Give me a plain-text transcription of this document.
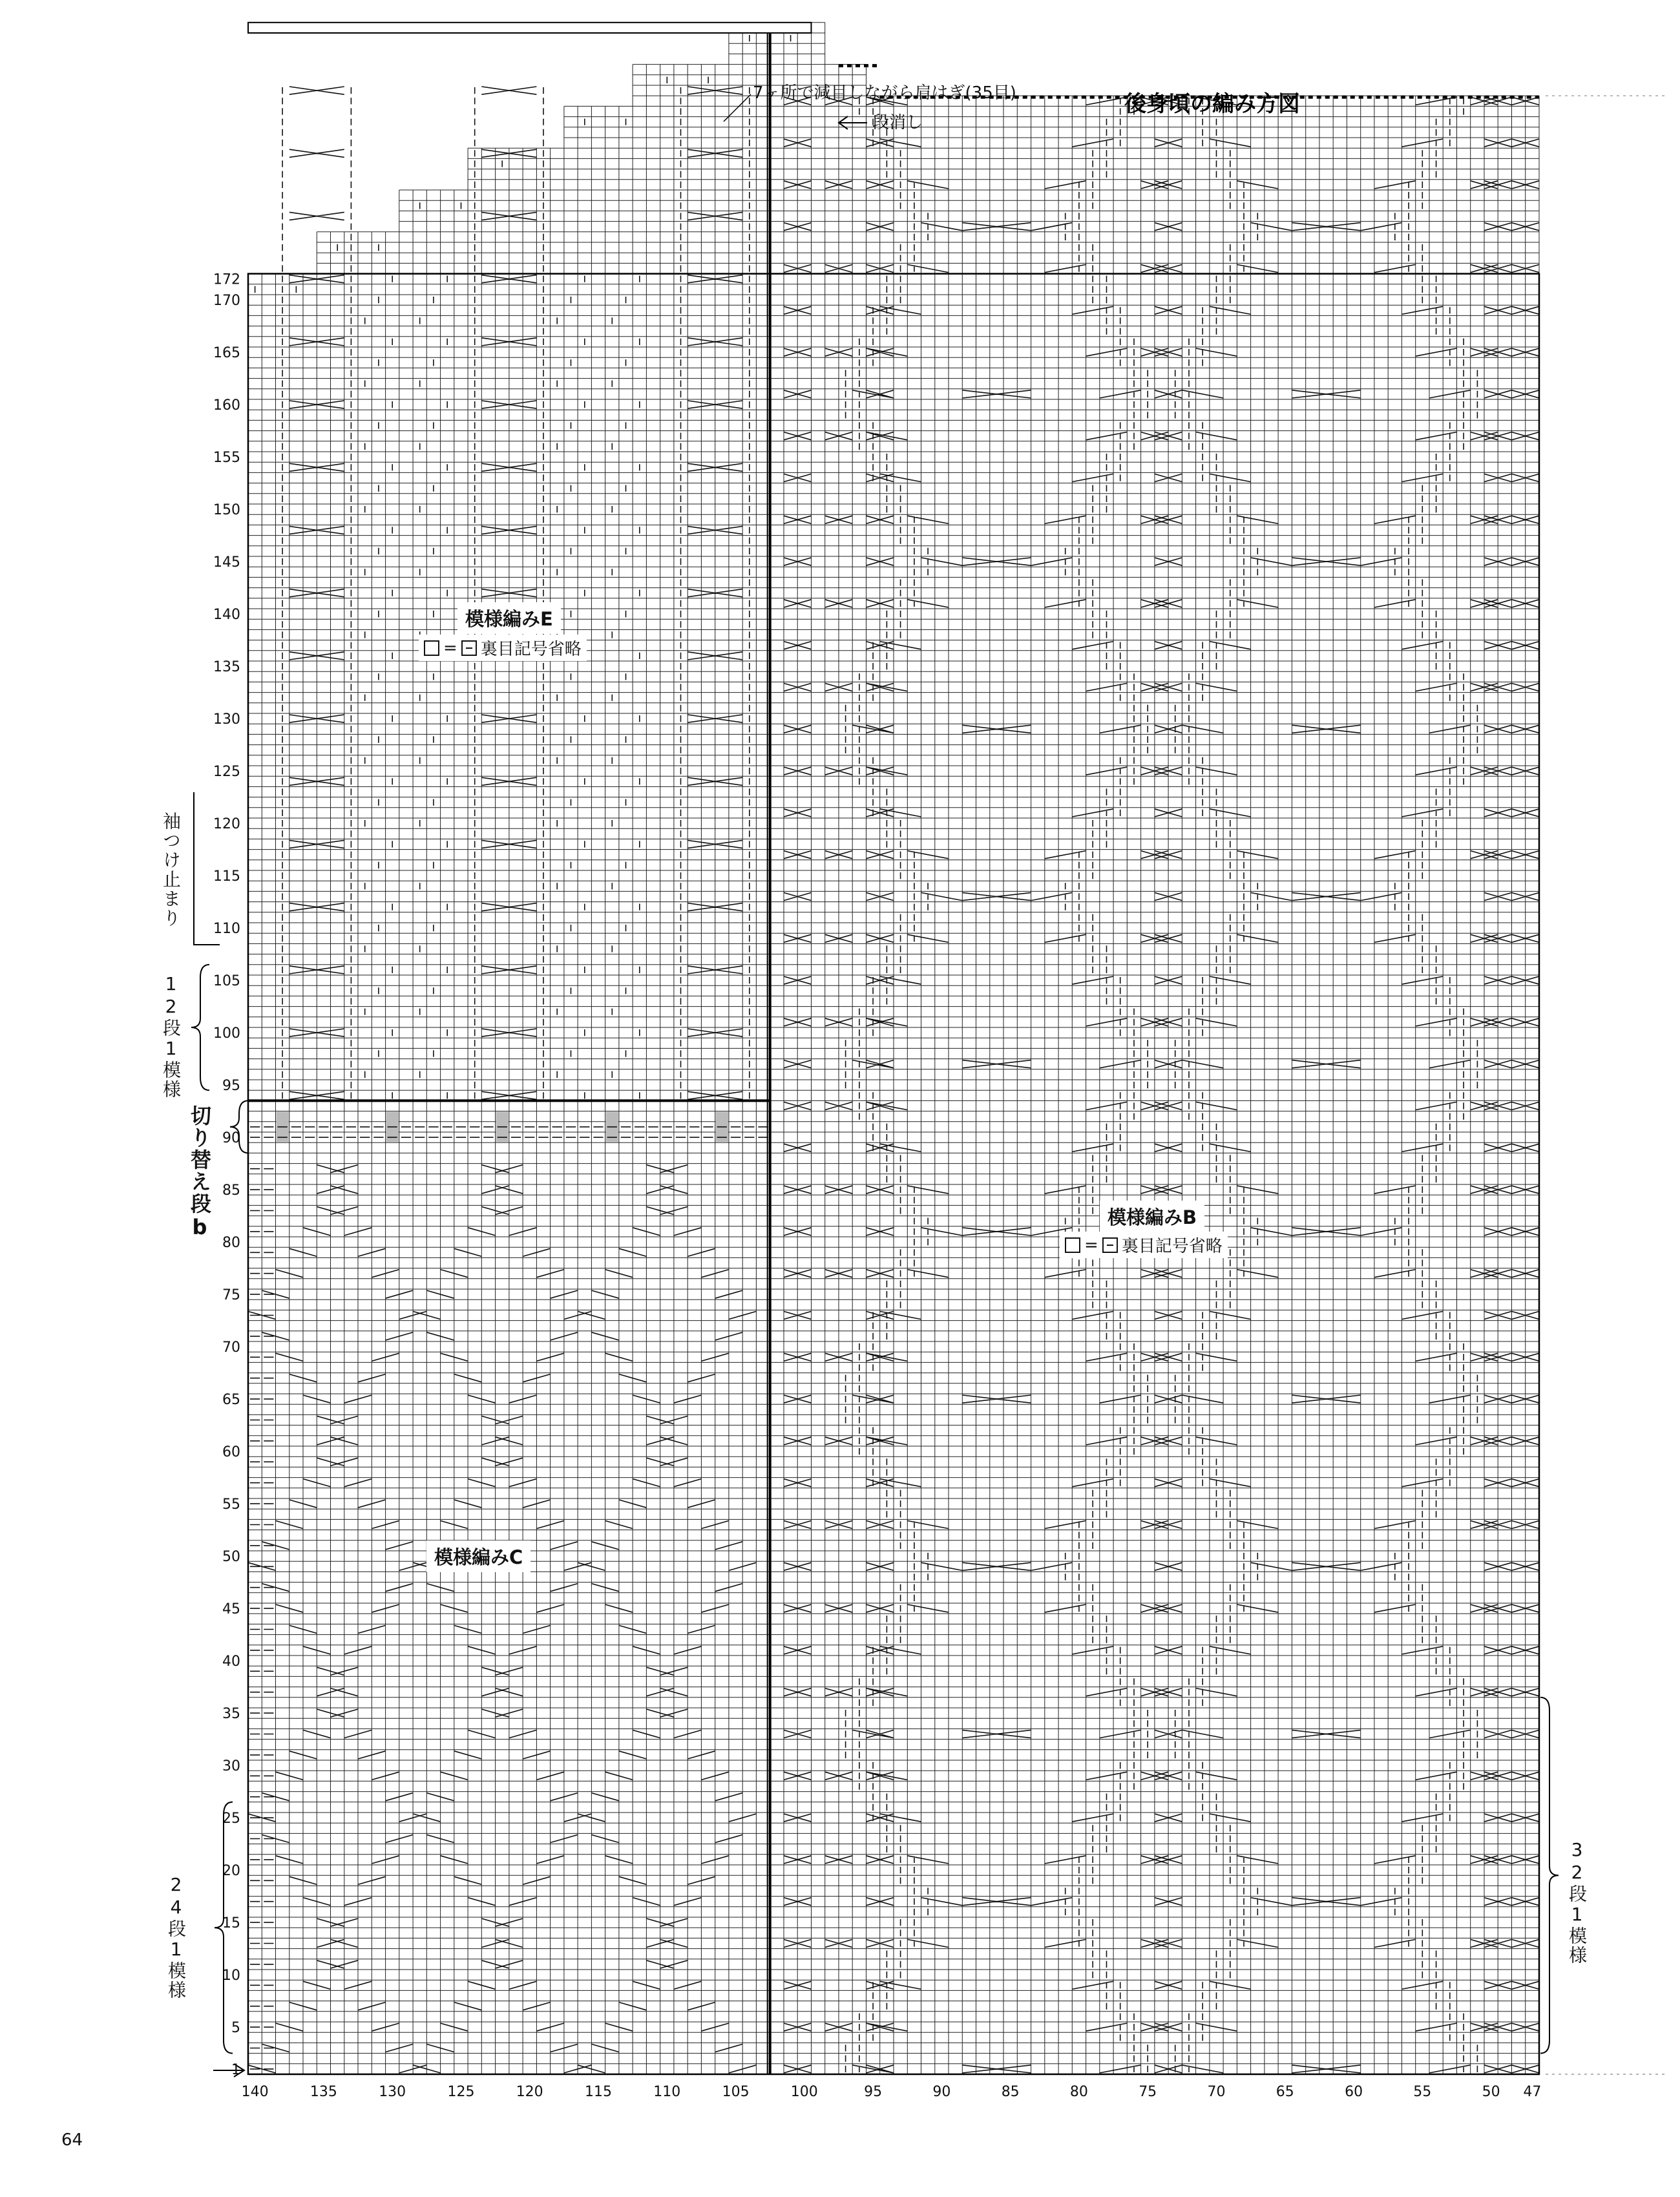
140	135	130	125	120	115	110	105	100	95	90	85	80	75	70	65	60	55	50 47
1
5
10
15
20
25
30
35
40
45
50
55
60
65
70
75
80
85
90
95
100
105
110
115
120
125
130
135
140
145
150
155
160
165
170
172
後身頃の編み方図
7ヶ所で減目しながら肩はぎ(35目)
段消し
64
模様編みE
= 裏目記号省略
模様編みB
= 裏目記号省略
模様編みC
袖つけ止まり
切り替え段b
12段1模様
24段1模様	32段1模様
